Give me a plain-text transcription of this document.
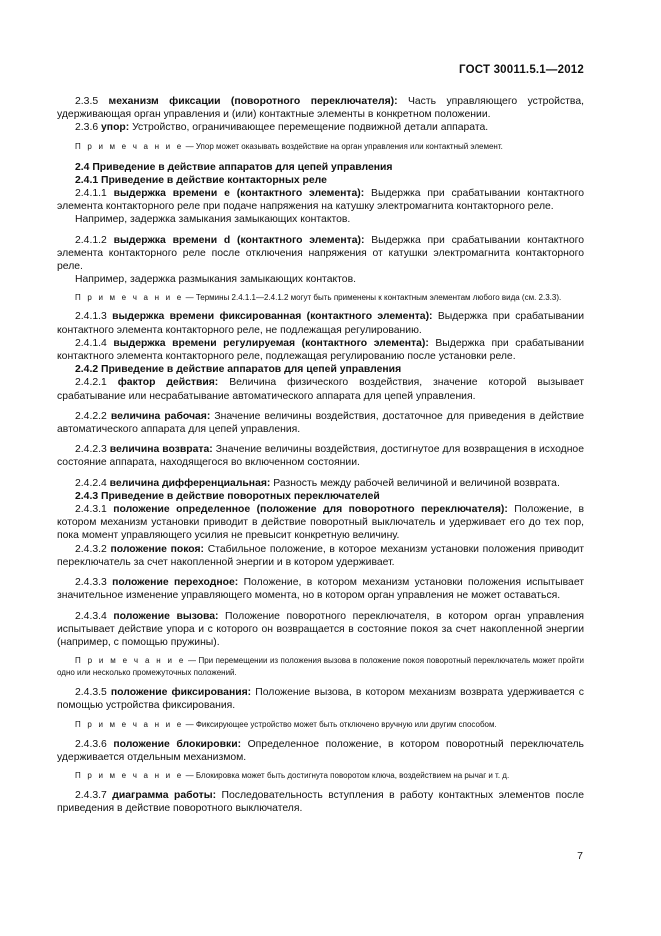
ГОСТ 30011.5.1—2012

2.3.5 механизм фиксации (поворотного переключателя): Часть управляющего устройства, удерживающая орган управления и (или) контактные элементы в конкретном положении.

2.3.6 упор: Устройство, ограничивающее перемещение подвижной детали аппарата.

П р и м е ч а н и е — Упор может оказывать воздействие на орган управления или контактный элемент.

2.4 Приведение в действие аппаратов для цепей управления

2.4.1 Приведение в действие контакторных реле

2.4.1.1 выдержка времени е (контактного элемента): Выдержка при срабатывании контактного элемента контакторного реле при подаче напряжения на катушку электромагнита контакторного реле.

Например, задержка замыкания замыкающих контактов.

2.4.1.2 выдержка времени d (контактного элемента): Выдержка при срабатывании контактного элемента контакторного реле после отключения напряжения от катушки электромагнита контакторного реле.

Например, задержка размыкания замыкающих контактов.

П р и м е ч а н и е — Термины 2.4.1.1—2.4.1.2 могут быть применены к контактным элементам любого вида (см. 2.3.3).

2.4.1.3 выдержка времени фиксированная (контактного элемента): Выдержка при срабатывании контактного элемента контакторного реле, не подлежащая регулированию.

2.4.1.4 выдержка времени регулируемая (контактного элемента): Выдержка при срабатывании контактного элемента контакторного реле, подлежащая регулированию после установки реле.

2.4.2 Приведение в действие аппаратов для цепей управления

2.4.2.1 фактор действия: Величина физического воздействия, значение которой вызывает срабатывание или несрабатывание автоматического аппарата для цепей управления.

2.4.2.2 величина рабочая: Значение величины воздействия, достаточное для приведения в действие автоматического аппарата для цепей управления.

2.4.2.3 величина возврата: Значение величины воздействия, достигнутое для возвращения в исходное состояние аппарата, находящегося во включенном состоянии.

2.4.2.4 величина дифференциальная: Разность между рабочей величиной и величиной возврата.

2.4.3 Приведение в действие поворотных переключателей

2.4.3.1 положение определенное (положение для поворотного переключателя): Положение, в котором механизм установки приводит в действие поворотный выключатель и удерживает его до тех пор, пока момент управляющего усилия не превысит конкретную величину.

2.4.3.2 положение покоя: Стабильное положение, в которое механизм установки положения приводит переключатель за счет накопленной энергии и в котором удерживает.

2.4.3.3 положение переходное: Положение, в котором механизм установки положения испытывает значительное изменение управляющего момента, но в котором орган управления не может оставаться.

2.4.3.4 положение вызова: Положение поворотного переключателя, в котором орган управления испытывает действие упора и с которого он возвращается в состояние покоя за счет накопленной энергии (например, с помощью пружины).

П р и м е ч а н и е — При перемещении из положения вызова в положение покоя поворотный переключатель может пройти одно или несколько промежуточных положений.

2.4.3.5 положение фиксирования: Положение вызова, в котором механизм возврата удерживается с помощью устройства фиксирования.

П р и м е ч а н и е — Фиксирующее устройство может быть отключено вручную или другим способом.

2.4.3.6 положение блокировки: Определенное положение, в котором поворотный переключатель удерживается отдельным механизмом.

П р и м е ч а н и е — Блокировка может быть достигнута поворотом ключа, воздействием на рычаг и т. д.

2.4.3.7 диаграмма работы: Последовательность вступления в работу контактных элементов после приведения в действие поворотного выключателя.

7
